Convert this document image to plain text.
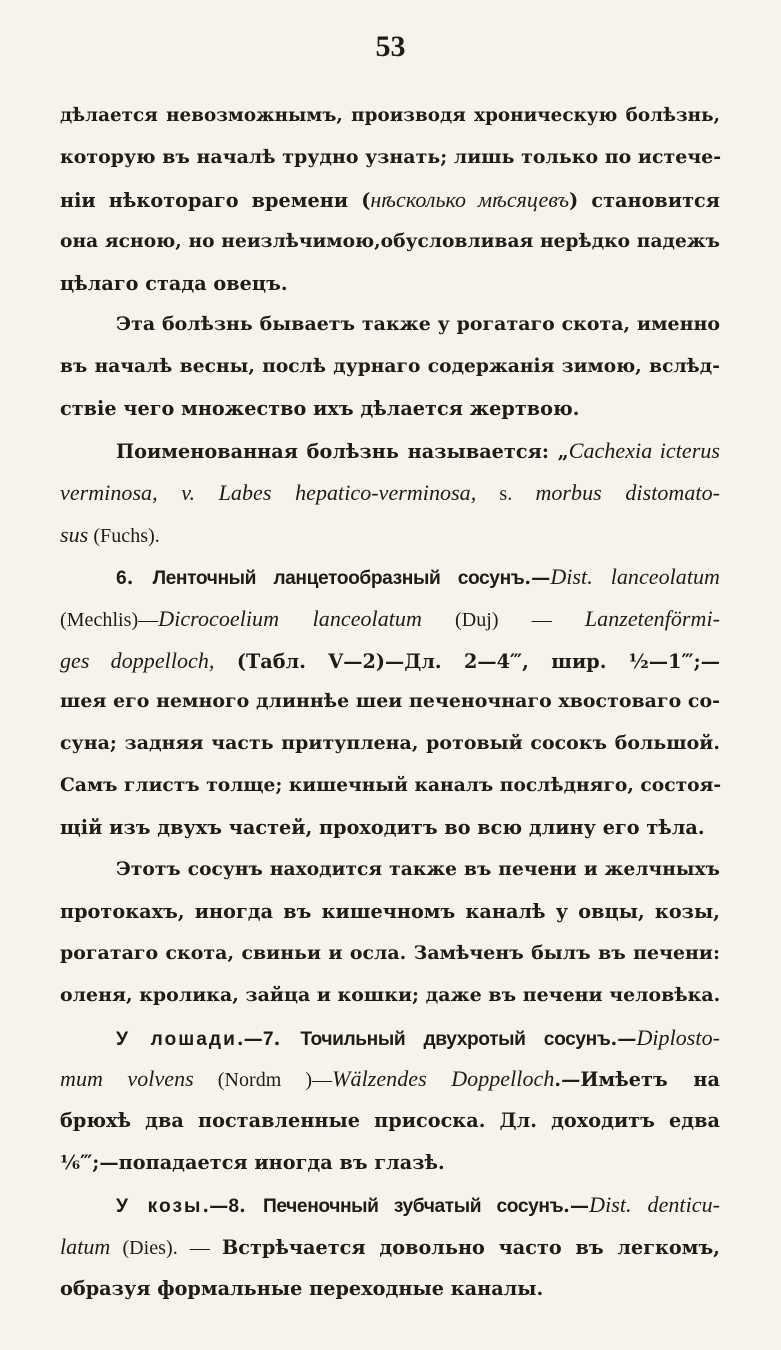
53
дѣлается невозможнымъ, производя хроническую болѣзнь,
которую въ началѣ трудно узнать; лишь только по истече-
ніи нѣкотораго времени (нѣсколько мѣсяцевъ) становится
она ясною, но неизлѣчимою,обусловливая нерѣдко падежъ
цѣлаго стада овецъ.
Эта болѣзнь бываетъ также у рогатаго скота, именно
въ началѣ весны, послѣ дурнаго содержанія зимою, вслѣд-
ствіе чего множество ихъ дѣлается жертвою.
Поименованная болѣзнь называется: „Cachexia icterus
verminosa, v. Labes hepatico-verminosa, s. morbus distomato-
sus (Fuchs).
6. Ленточный ланцетообразный сосунъ.—Dist. lanceolatum
(Mechlis)—Dicrocoelium lanceolatum (Duj) — Lanzetenförmi-
ges doppelloch, (Табл. V—2)—Дл. 2—4‴, шир. ½—1‴;—
шея его немного длиннѣе шеи печеночнаго хвостоваго со-
суна; задняя часть притуплена, ротовый сосокъ большой.
Самъ глистъ толще; кишечный каналъ послѣдняго, состоя-
щій изъ двухъ частей, проходитъ во всю длину его тѣла.
Этотъ сосунъ находится также въ печени и желчныхъ
протокахъ, иногда въ кишечномъ каналѣ у овцы, козы,
рогатаго скота, свиньи и осла. Замѣченъ былъ въ печени:
оленя, кролика, зайца и кошки; даже въ печени человѣка.
У лошади.—7. Точильный двухротый сосунъ.—Diplosto-
mum volvens (Nordm )—Wälzendes Doppelloch.—Имѣетъ на
брюхѣ два поставленные присоска. Дл. доходитъ едва
¹⁄₆‴;—попадается иногда въ глазѣ.
У козы.—8. Печеночный зубчатый сосунъ.—Dist. denticu-
latum (Dies). — Встрѣчается довольно часто въ легкомъ,
образуя формальные переходные каналы.
